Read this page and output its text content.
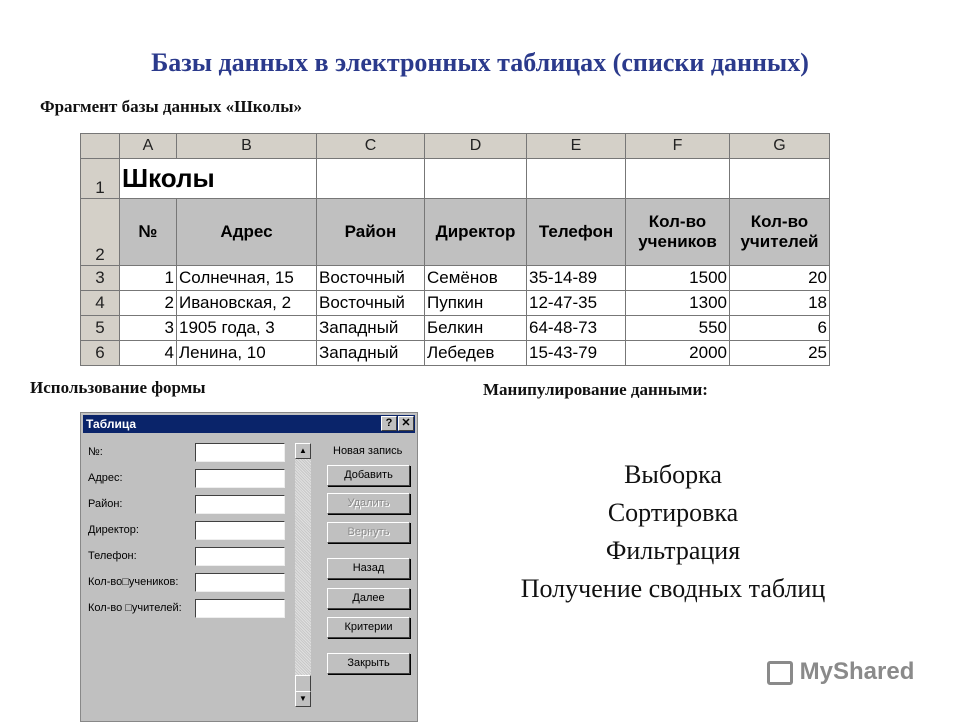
Базы данных в электронных таблицах (списки данных)
Фрагмент базы данных «Школы»
	A	B	C	D	E	F	G
1	Школы						
2	№	Адрес	Район	Директор	Телефон	Кол-во учеников	Кол-во учителей
3	1	Солнечная, 15	Восточный	Семёнов	35-14-89	1500	20
4	2	Ивановская, 2	Восточный	Пупкин	12-47-35	1300	18
5	3	1905 года, 3	Западный	Белкин	64-48-73	550	6
6	4	Ленина, 10	Западный	Лебедев	15-43-79	2000	25
Использование формы	Манипулирование данными:
Таблица	? ✕
№:
Адрес:
Район:
Директор:
Телефон:
Кол-во□учеников:
Кол-во □учителей:
▲
▼
Новая запись
Добавить
Удалить
Вернуть
Назад
Далее
Критерии
Закрыть
Выборка
Сортировка
Фильтрация
Получение сводных таблиц
MyShared
